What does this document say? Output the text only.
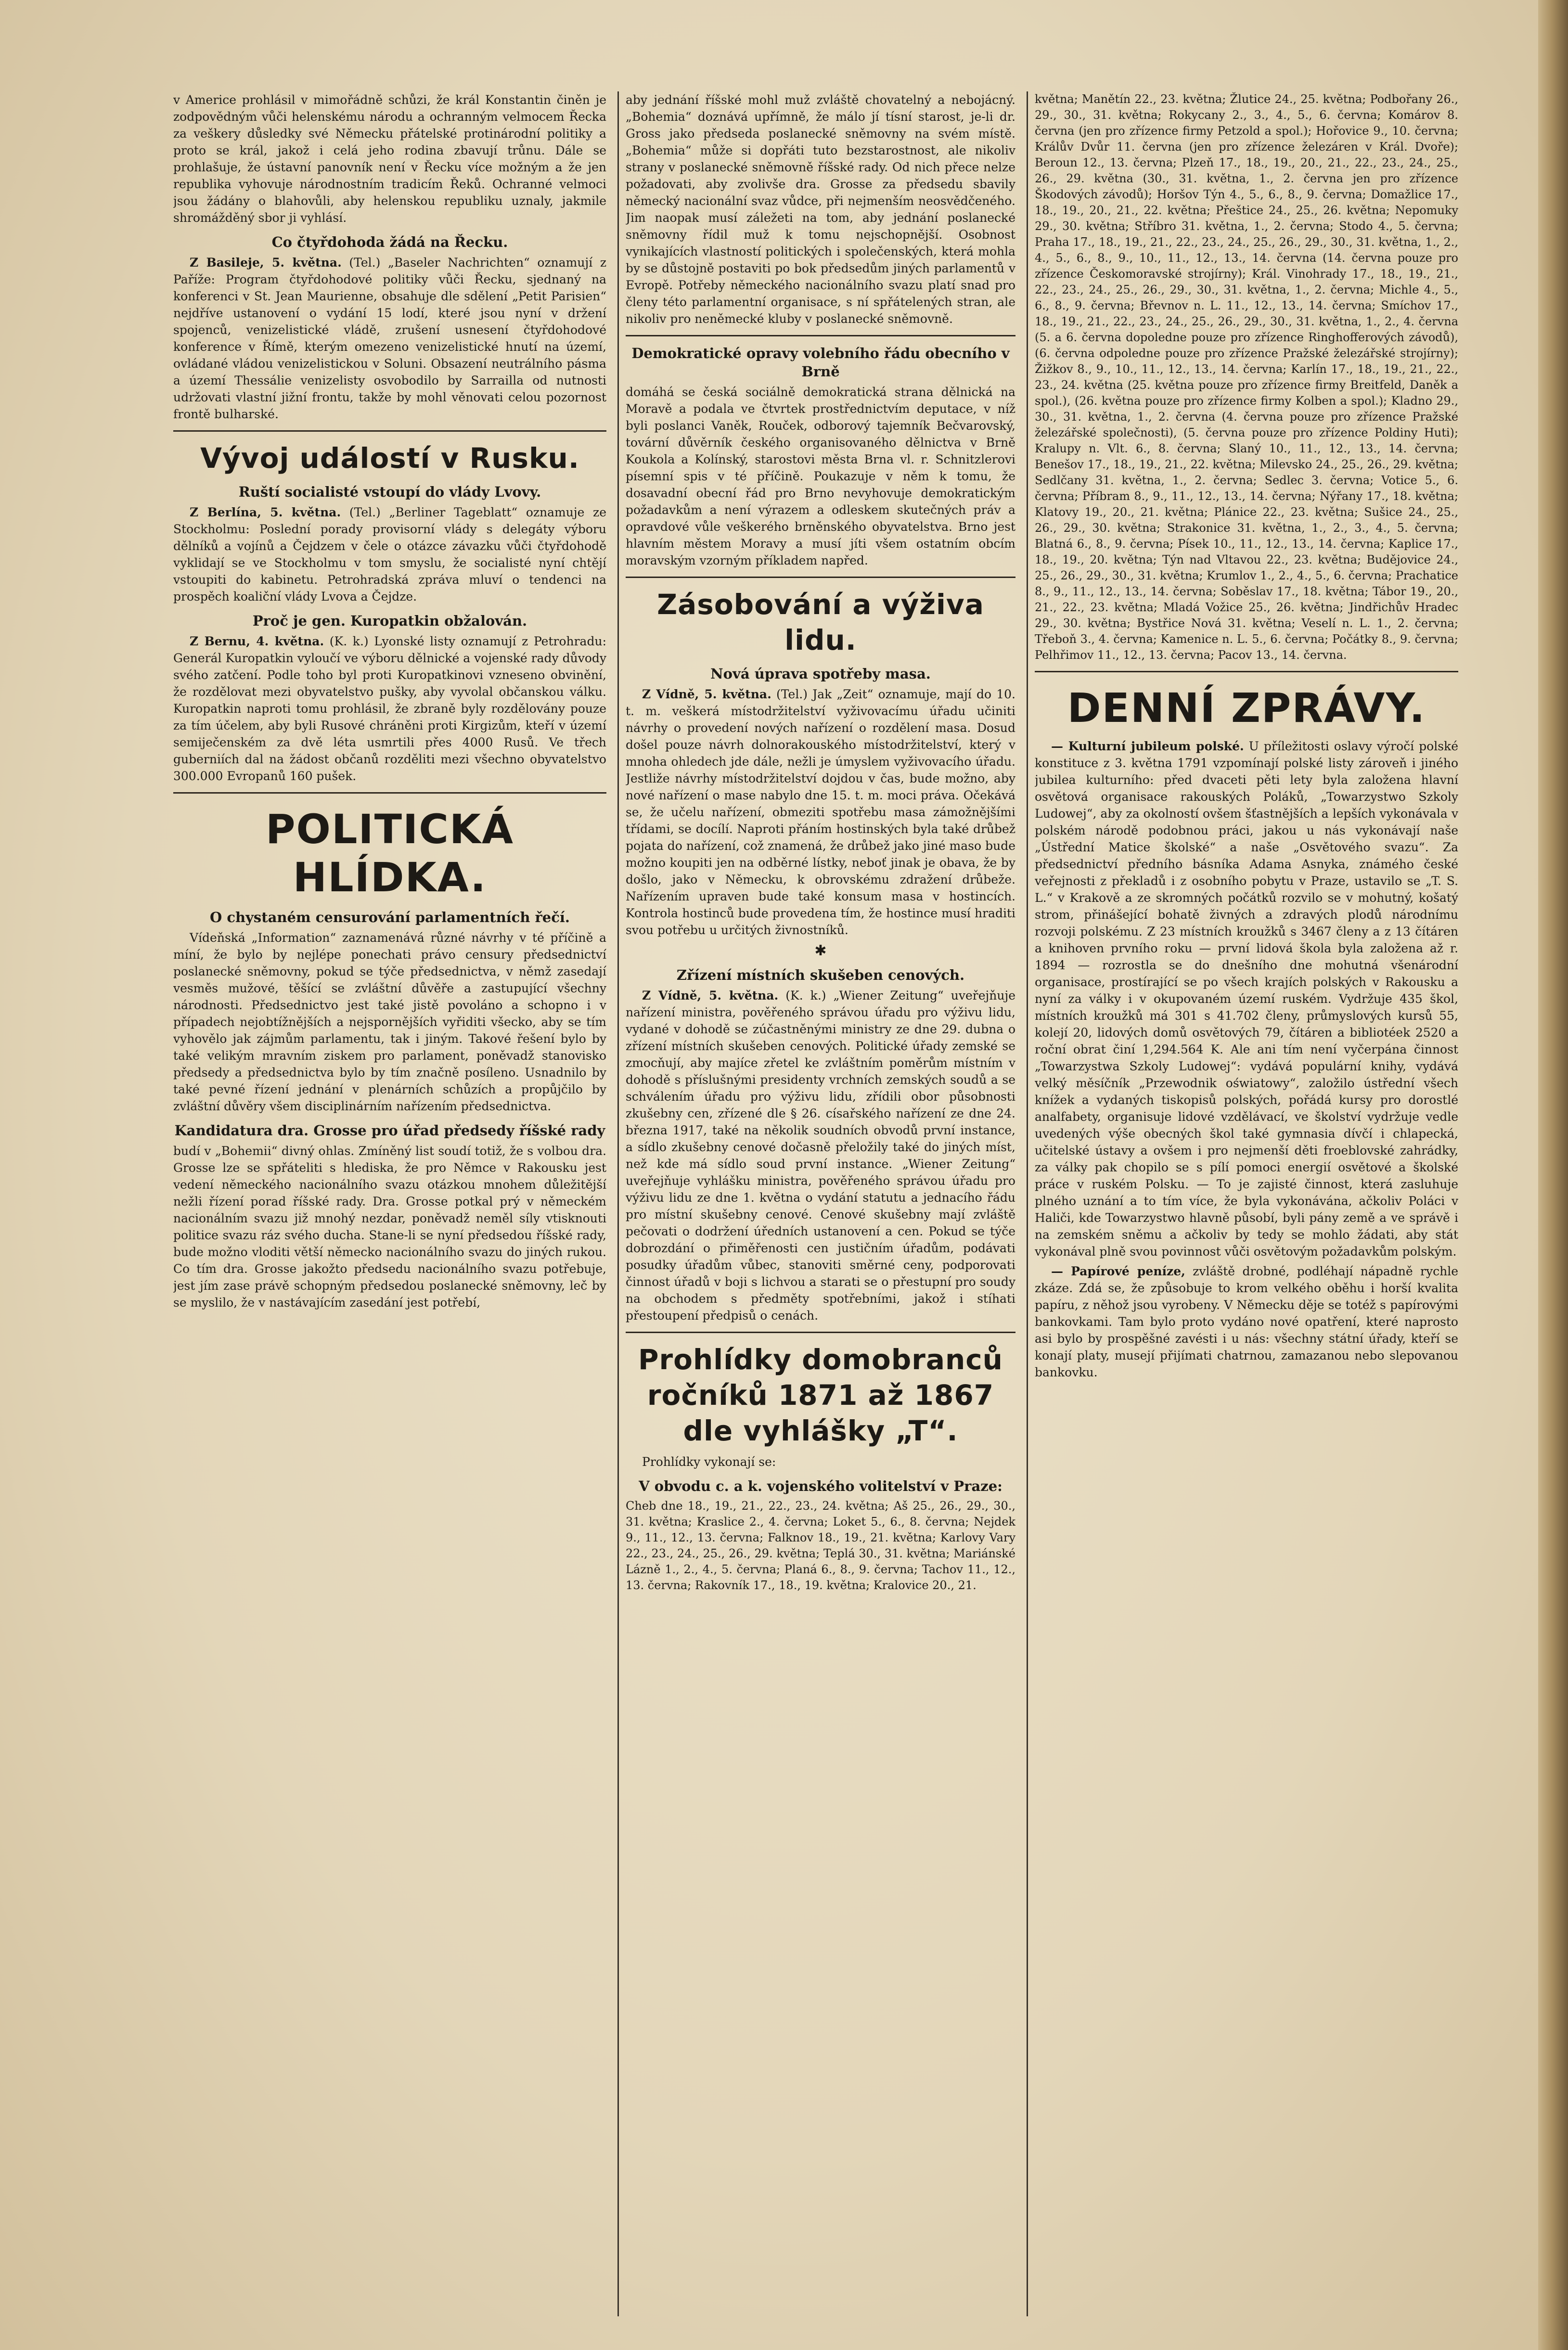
v Americe prohlásil v mimořádně schůzi, že král Konstantin činěn je zodpovědným vůči helenskému národu a ochranným velmocem Řecka za veškery důsledky své Německu přátelské protinárodní politiky a proto se král, jakož i celá jeho rodina zbavují trůnu. Dále se prohlašuje, že ústavní panovník není v Řecku více možným a že jen republika vyhovuje národnostním tradicím Řeků. Ochranné velmoci jsou žádány o blahovůli, aby helenskou republiku uznaly, jakmile shromážděný sbor ji vyhlásí.

Co čtyřdohoda žádá na Řecku.

Z Basileje, 5. května. (Tel.) „Baseler Nachrichten“ oznamují z Paříže: Program čtyřdohodové politiky vůči Řecku, sjednaný na konferenci v St. Jean Maurienne, obsahuje dle sdělení „Petit Parisien“ nejdříve ustanovení o vydání 15 lodí, které jsou nyní v držení spojenců, venizelistické vládě, zrušení usnesení čtyřdohodové konference v Římě, kterým omezeno venizelistické hnutí na území, ovládané vládou venizelistickou v Soluni. Obsazení neutrálního pásma a území Thessálie venizelisty osvobodilo by Sarrailla od nutnosti udržovati vlastní jižní frontu, takže by mohl věnovati celou pozornost frontě bulharské.

Vývoj událostí v Rusku.
Ruští socialisté vstoupí do vlády Lvovy.

Z Berlína, 5. května. (Tel.) „Berliner Tageblatt“ oznamuje ze Stockholmu: Poslední porady provisorní vlády s delegáty výboru dělníků a vojínů a Čejdzem v čele o otázce závazku vůči čtyřdohodě vyklidají se ve Stockholmu v tom smyslu, že socialisté nyní chtějí vstoupiti do kabinetu. Petrohradská zpráva mluví o tendenci na prospěch koaliční vlády Lvova a Čejdze.

Proč je gen. Kuropatkin obžalován.

Z Bernu, 4. května. (K. k.) Lyonské listy oznamují z Petrohradu: Generál Kuropatkin vyloučí ve výboru dělnické a vojenské rady důvody svého zatčení. Podle toho byl proti Kuropatkinovi vzneseno obvinění, že rozdělovat mezi obyvatelstvo pušky, aby vyvolal občanskou válku. Kuropatkin naproti tomu prohlásil, že zbraně byly rozdělovány pouze za tím účelem, aby byli Rusové chráněni proti Kirgizům, kteří v území semiječenském za dvě léta usmrtili přes 4000 Rusů. Ve třech guberniích dal na žádost občanů rozděliti mezi všechno obyvatelstvo 300.000 Evropanů 160 pušek.

POLITICKÁ HLÍDKA.
O chystaném censurování parlamentních řečí.

Vídeňská „Information“ zaznamenává různé návrhy v té příčině a míní, že bylo by nejlépe ponechati právo censury předsednictví poslanecké sněmovny, pokud se týče předsednictva, v němž zasedají vesměs mužové, těšící se zvláštní důvěře a zastupující všechny národnosti. Předsednictvo jest také jistě povoláno a schopno i v případech nejobtížnějších a nejspornějších vyřiditi všecko, aby se tím vyhovělo jak zájmům parlamentu, tak i jiným. Takové řešení bylo by také velikým mravním ziskem pro parlament, poněvadž stanovisko předsedy a předsednictva bylo by tím značně posíleno. Usnadnilo by také pevné řízení jednání v plenárních schůzích a propůjčilo by zvláštní důvěry všem disciplinárním nařízením předsednictva.

Kandidatura dra. Grosse pro úřad předsedy říšské rady

budí v „Bohemii“ divný ohlas. Zmíněný list soudí totiž, že s volbou dra. Grosse lze se spřáteliti s hlediska, že pro Němce v Rakousku jest vedení německého nacionálního svazu otázkou mnohem důležitější nežli řízení porad říšské rady. Dra. Grosse potkal prý v německém nacionálním svazu již mnohý nezdar, poněvadž neměl síly vtisknouti politice svazu ráz svého ducha. Stane-li se nyní předsedou říšské rady, bude možno vloditi větší německo nacionálního svazu do jiných rukou. Co tím dra. Grosse jakožto předsedu nacionálního svazu potřebuje, jest jím zase právě schopným předsedou poslanecké sněmovny, leč by se myslilo, že v nastávajícím zasedání jest potřebí,

aby jednání říšské mohl muž zvláště chovatelný a nebojácný. „Bohemia“ doznává upřímně, že málo jí tísní starost, je-li dr. Gross jako předseda poslanecké sněmovny na svém místě. „Bohemia“ může si dopřáti tuto bezstarostnost, ale nikoliv strany v poslanecké sněmovně říšské rady. Od nich přece nelze požadovati, aby zvolivše dra. Grosse za předsedu sbavily německý nacionální svaz vůdce, při nejmenším neosvědčeného. Jim naopak musí záležeti na tom, aby jednání poslanecké sněmovny řídil muž k tomu nejschopnější. Osobnost vynikajících vlastností politických i společenských, která mohla by se důstojně postaviti po bok předsedům jiných parlamentů v Evropě. Potřeby německého nacionálního svazu platí snad pro členy této parlamentní organisace, s ní spřátelených stran, ale nikoliv pro neněmecké kluby v poslanecké sněmovně.

Demokratické opravy volebního řádu obecního v Brně

domáhá se česká sociálně demokratická strana dělnická na Moravě a podala ve čtvrtek prostřednictvím deputace, v níž byli poslanci Vaněk, Rouček, odborový tajemník Bečvarovský, tovární důvěrník českého organisovaného dělnictva v Brně Koukola a Kolínský, starostovi města Brna vl. r. Schnitzlerovi písemní spis v té příčině. Poukazuje v něm k tomu, že dosavadní obecní řád pro Brno nevyhovuje demokratickým požadavkům a není výrazem a odleskem skutečných práv a opravdové vůle veškerého brněnského obyvatelstva. Brno jest hlavním městem Moravy a musí jíti všem ostatním obcím moravským vzorným příkladem napřed.

Zásobování a výživa lidu.
Nová úprava spotřeby masa.

Z Vídně, 5. května. (Tel.) Jak „Zeit“ oznamuje, mají do 10. t. m. veškerá místodržitelství vyživovacímu úřadu učiniti návrhy o provedení nových nařízení o rozdělení masa. Dosud došel pouze návrh dolnorakouského místodržitelství, který v mnoha ohledech jde dále, nežli je úmyslem vyživovacího úřadu. Jestliže návrhy místodržitelství dojdou v čas, bude možno, aby nové nařízení o mase nabylo dne 15. t. m. moci práva. Očekává se, že učelu nařízení, obmeziti spotřebu masa zámožnějšími třídami, se docílí. Naproti přáním hostinských byla také drůbež pojata do nařízení, což znamená, že drůbež jako jiné maso bude možno koupiti jen na odběrné lístky, neboť jinak je obava, že by došlo, jako v Německu, k obrovskému zdražení drůbeže. Nařízením upraven bude také konsum masa v hostincích. Kontrola hostinců bude provedena tím, že hostince musí hraditi svou potřebu u určitých živnostníků.

✱
Zřízení místních skušeben cenových.

Z Vídně, 5. května. (K. k.) „Wiener Zeitung“ uveřejňuje nařízení ministra, pověřeného správou úřadu pro výživu lidu, vydané v dohodě se zúčastněnými ministry ze dne 29. dubna o zřízení místních skušeben cenových. Politické úřady zemské se zmocňují, aby majíce zřetel ke zvláštním poměrům místním v dohodě s příslušnými presidenty vrchních zemských soudů a se schválením úřadu pro výživu lidu, zřídili obor působnosti zkušebny cen, zřízené dle § 26. císařského nařízení ze dne 24. března 1917, také na několik soudních obvodů první instance, a sídlo zkušebny cenové dočasně přeložily také do jiných míst, než kde má sídlo soud první instance. „Wiener Zeitung“ uveřejňuje vyhlášku ministra, pověřeného správou úřadu pro výživu lidu ze dne 1. května o vydání statutu a jednacího řádu pro místní skušebny cenové. Cenové skušebny mají zvláště pečovati o dodržení úředních ustanovení a cen. Pokud se týče dobrozdání o přiměřenosti cen justičním úřadům, podávati posudky úřadům vůbec, stanoviti směrné ceny, podporovati činnost úřadů v boji s lichvou a starati se o přestupní pro soudy na obchodem s předměty spotřebními, jakož i stíhati přestoupení předpisů o cenách.

Prohlídky domobranců ročníků 1871 až 1867 dle vyhlášky „T“.

Prohlídky vykonají se:

V obvodu c. a k. vojenského volitelství v Praze:

Cheb dne 18., 19., 21., 22., 23., 24. května; Aš 25., 26., 29., 30., 31. května; Kraslice 2., 4. června; Loket 5., 6., 8. června; Nejdek 9., 11., 12., 13. června; Falknov 18., 19., 21. května; Karlovy Vary 22., 23., 24., 25., 26., 29. května; Teplá 30., 31. května; Mariánské Lázně 1., 2., 4., 5. června; Planá 6., 8., 9. června; Tachov 11., 12., 13. června; Rakovník 17., 18., 19. května; Kralovice 20., 21.

května; Manětín 22., 23. května; Žlutice 24., 25. května; Podbořany 26., 29., 30., 31. května; Rokycany 2., 3., 4., 5., 6. června; Komárov 8. června (jen pro zřízence firmy Petzold a spol.); Hořovice 9., 10. června; Králův Dvůr 11. června (jen pro zřízence železáren v Král. Dvoře); Beroun 12., 13. června; Plzeň 17., 18., 19., 20., 21., 22., 23., 24., 25., 26., 29. května (30., 31. května, 1., 2. června jen pro zřízence Škodových závodů); Horšov Týn 4., 5., 6., 8., 9. června; Domažlice 17., 18., 19., 20., 21., 22. května; Přeštice 24., 25., 26. května; Nepomuky 29., 30. května; Stříbro 31. května, 1., 2. června; Stodo 4., 5. června; Praha 17., 18., 19., 21., 22., 23., 24., 25., 26., 29., 30., 31. května, 1., 2., 4., 5., 6., 8., 9., 10., 11., 12., 13., 14. června (14. června pouze pro zřízence Českomoravské strojírny); Král. Vinohrady 17., 18., 19., 21., 22., 23., 24., 25., 26., 29., 30., 31. května, 1., 2. června; Michle 4., 5., 6., 8., 9. června; Břevnov n. L. 11., 12., 13., 14. června; Smíchov 17., 18., 19., 21., 22., 23., 24., 25., 26., 29., 30., 31. května, 1., 2., 4. června (5. a 6. června dopoledne pouze pro zřízence Ringhofferových závodů), (6. června odpoledne pouze pro zřízence Pražské železářské strojírny); Žižkov 8., 9., 10., 11., 12., 13., 14. června; Karlín 17., 18., 19., 21., 22., 23., 24. května (25. května pouze pro zřízence firmy Breitfeld, Daněk a spol.), (26. května pouze pro zřízence firmy Kolben a spol.); Kladno 29., 30., 31. května, 1., 2. června (4. června pouze pro zřízence Pražské železářské společnosti), (5. června pouze pro zřízence Poldiny Huti); Kralupy n. Vlt. 6., 8. června; Slaný 10., 11., 12., 13., 14. června; Benešov 17., 18., 19., 21., 22. května; Milevsko 24., 25., 26., 29. května; Sedlčany 31. května, 1., 2. června; Sedlec 3. června; Votice 5., 6. června; Příbram 8., 9., 11., 12., 13., 14. června; Nýřany 17., 18. května; Klatovy 19., 20., 21. května; Plánice 22., 23. května; Sušice 24., 25., 26., 29., 30. května; Strakonice 31. května, 1., 2., 3., 4., 5. června; Blatná 6., 8., 9. června; Písek 10., 11., 12., 13., 14. června; Kaplice 17., 18., 19., 20. května; Týn nad Vltavou 22., 23. května; Budějovice 24., 25., 26., 29., 30., 31. května; Krumlov 1., 2., 4., 5., 6. června; Prachatice 8., 9., 11., 12., 13., 14. června; Soběslav 17., 18. května; Tábor 19., 20., 21., 22., 23. května; Mladá Vožice 25., 26. května; Jindřichův Hradec 29., 30. května; Bystřice Nová 31. května; Veselí n. L. 1., 2. června; Třeboň 3., 4. června; Kamenice n. L. 5., 6. června; Počátky 8., 9. června; Pelhřimov 11., 12., 13. června; Pacov 13., 14. června.

DENNÍ ZPRÁVY.

— Kulturní jubileum polské. U příležitosti oslavy výročí polské konstituce z 3. května 1791 vzpomínají polské listy zároveň i jiného jubilea kulturního: před dvaceti pěti lety byla založena hlavní osvětová organisace rakouských Poláků, „Towarzystwo Szkoly Ludowej“, aby za okolností ovšem šťastnějších a lepších vykonávala v polském národě podobnou práci, jakou u nás vykonávají naše „Ústřední Matice školské“ a naše „Osvětového svazu“. Za předsednictví předního básníka Adama Asnyka, známého české veřejnosti z překladů i z osobního pobytu v Praze, ustavilo se „T. S. L.“ v Krakově a ze skromných počátků rozvilo se v mohutný, košatý strom, přinášející bohatě živných a zdravých plodů národnímu rozvoji polskému. Z 23 místních kroužků s 3467 členy a z 13 čítáren a knihoven prvního roku — první lidová škola byla založena až r. 1894 — rozrostla se do dnešního dne mohutná všenárodní organisace, prostírající se po všech krajích polských v Rakousku a nyní za války i v okupovaném území ruském. Vydržuje 435 škol, místních kroužků má 301 s 41.702 členy, průmyslových kursů 55, kolejí 20, lidových domů osvětových 79, čítáren a bibliotéek 2520 a roční obrat činí 1,294.564 K. Ale ani tím není vyčerpána činnost „Towarzystwa Szkoly Ludowej“: vydává populární knihy, vydává velký měsíčník „Przewodnik oświatowy“, založilo ústřední všech knížek a vydaných tiskopisů polských, pořádá kursy pro dorostlé analfabety, organisuje lidové vzdělávací, ve školství vydržuje vedle uvedených výše obecných škol také gymnasia dívčí i chlapecká, učitelské ústavy a ovšem i pro nejmenší děti froeblovské zahrádky, za války pak chopilo se s pílí pomoci energií osvětové a školské práce v ruském Polsku. — To je zajisté činnost, která zasluhuje plného uznání a to tím více, že byla vykonávána, ačkoliv Poláci v Haliči, kde Towarzystwo hlavně působí, byli pány země a ve správě i na zemském sněmu a ačkoliv by tedy se mohlo žádati, aby stát vykonával plně svou povinnost vůči osvětovým požadavkům polským.

— Papírové peníze, zvláště drobné, podléhají nápadně rychle zkáze. Zdá se, že způsobuje to krom velkého oběhu i horší kvalita papíru, z něhož jsou vyrobeny. V Německu děje se totéž s papírovými bankovkami. Tam bylo proto vydáno nové opatření, které naprosto asi bylo by prospěšné zavésti i u nás: všechny státní úřady, kteří se konají platy, musejí přijímati chatrnou, zamazanou nebo slepovanou bankovku.
